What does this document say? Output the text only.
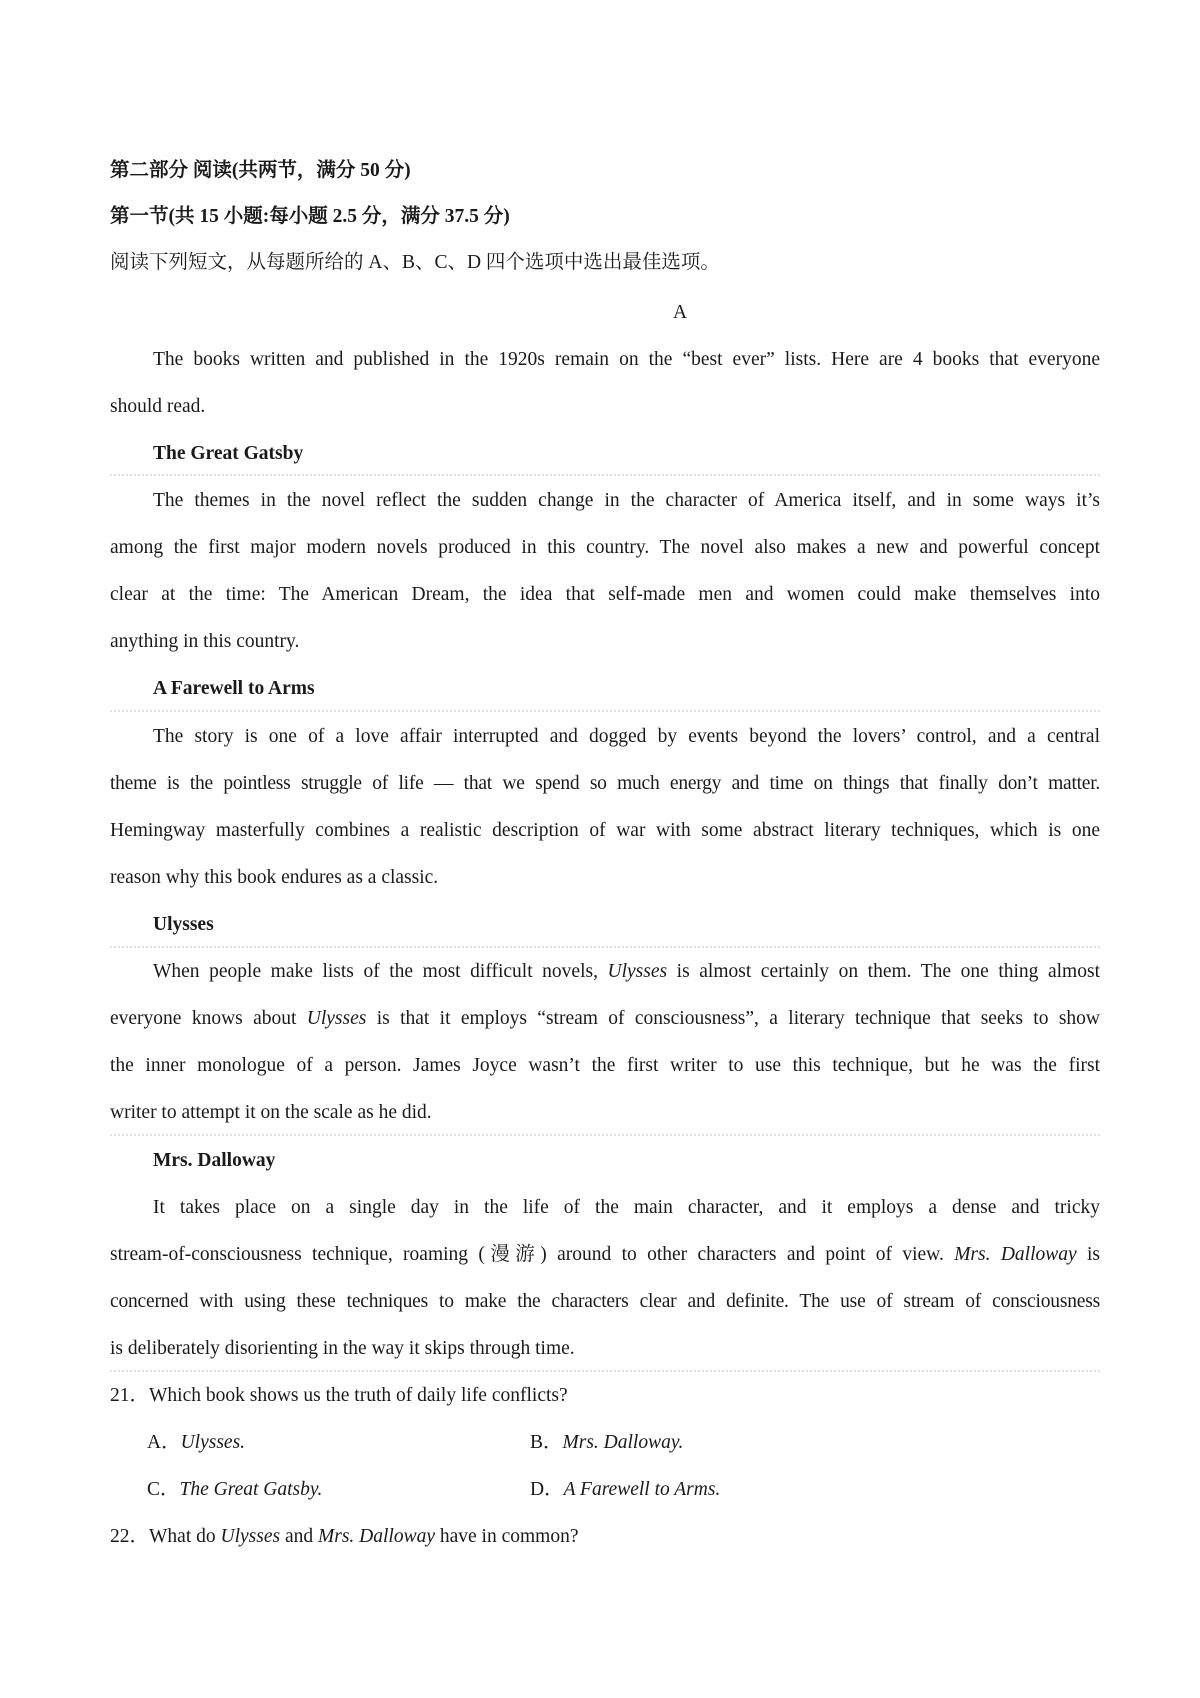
第二部分 阅读(共两节，满分 50 分)
第一节(共 15 小题:每小题 2.5 分，满分 37.5 分)
阅读下列短文，从每题所给的 A、B、C、D 四个选项中选出最佳选项。
A
The books written and published in the 1920s remain on the “best ever” lists. Here are 4 books that everyone
should read.
The Great Gatsby
The themes in the novel reflect the sudden change in the character of America itself, and in some ways it’s
among the first major modern novels produced in this country. The novel also makes a new and powerful concept
clear at the time: The American Dream, the idea that self-made men and women could make themselves into
anything in this country.
A Farewell to Arms
The story is one of a love affair interrupted and dogged by events beyond the lovers’ control, and a central
theme is the pointless struggle of life — that we spend so much energy and time on things that finally don’t matter.
Hemingway masterfully combines a realistic description of war with some abstract literary techniques, which is one
reason why this book endures as a classic.
Ulysses
When people make lists of the most difficult novels, Ulysses is almost certainly on them. The one thing almost
everyone knows about Ulysses is that it employs “stream of consciousness”, a literary technique that seeks to show
the inner monologue of a person. James Joyce wasn’t the first writer to use this technique, but he was the first
writer to attempt it on the scale as he did.
Mrs. Dalloway
It takes place on a single day in the life of the main character, and it employs a dense and tricky
stream-of-consciousness technique, roaming (漫游) around to other characters and point of view. Mrs. Dalloway is
concerned with using these techniques to make the characters clear and definite. The use of stream of consciousness
is deliberately disorienting in the way it skips through time.
21．Which book shows us the truth of daily life conflicts?
A．Ulysses.	B．Mrs. Dalloway.
C．The Great Gatsby.	D．A Farewell to Arms.
22．What do Ulysses and Mrs. Dalloway have in common?
